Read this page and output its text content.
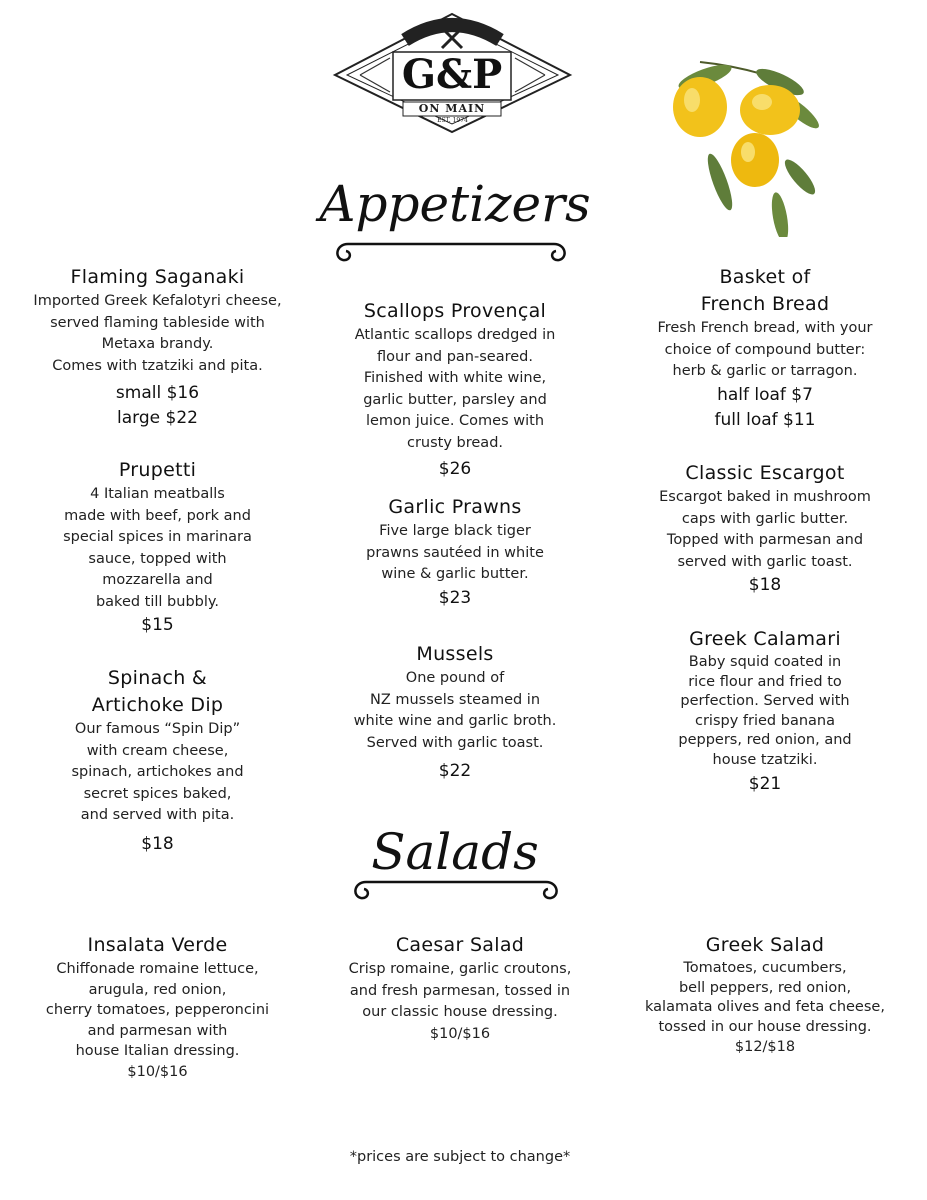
G&P
ON MAIN
EST. 1974
Appetizers
Flaming Saganaki
Imported Greek Kefalotyri cheese,
served flaming tableside with
Metaxa brandy.
Comes with tzatziki and pita.
small $16
large $22
Prupetti
4 Italian meatballs
made with beef, pork and
special spices in marinara
sauce, topped with
mozzarella and
baked till bubbly.
$15
Spinach &
Artichoke Dip
Our famous “Spin Dip”
with cream cheese,
spinach, artichokes and
secret spices baked,
and served with pita.
$18
Scallops Provençal
Atlantic scallops dredged in
flour and pan-seared.
Finished with white wine,
garlic butter, parsley and
lemon juice. Comes with
crusty bread.
$26
Garlic Prawns
Five large black tiger
prawns sautéed in white
wine & garlic butter.
$23
Mussels
One pound of
NZ mussels steamed in
white wine and garlic broth.
Served with garlic toast.
$22
Basket of
French Bread
Fresh French bread, with your
choice of compound butter:
herb & garlic or tarragon.
half loaf $7
full loaf $11
Classic Escargot
Escargot baked in mushroom
caps with garlic butter.
Topped with parmesan and
served with garlic toast.
$18
Greek Calamari
Baby squid coated in
rice flour and fried to
perfection. Served with
crispy fried banana
peppers, red onion, and
house tzatziki.
$21
Salads
Insalata Verde
Chiffonade romaine lettuce,
arugula, red onion,
cherry tomatoes, pepperoncini
and parmesan with
house Italian dressing.
$10/$16
Caesar Salad
Crisp romaine, garlic croutons,
and fresh parmesan, tossed in
our classic house dressing.
$10/$16
Greek Salad
Tomatoes, cucumbers,
bell peppers, red onion,
kalamata olives and feta cheese,
tossed in our house dressing.
$12/$18
*prices are subject to change*
